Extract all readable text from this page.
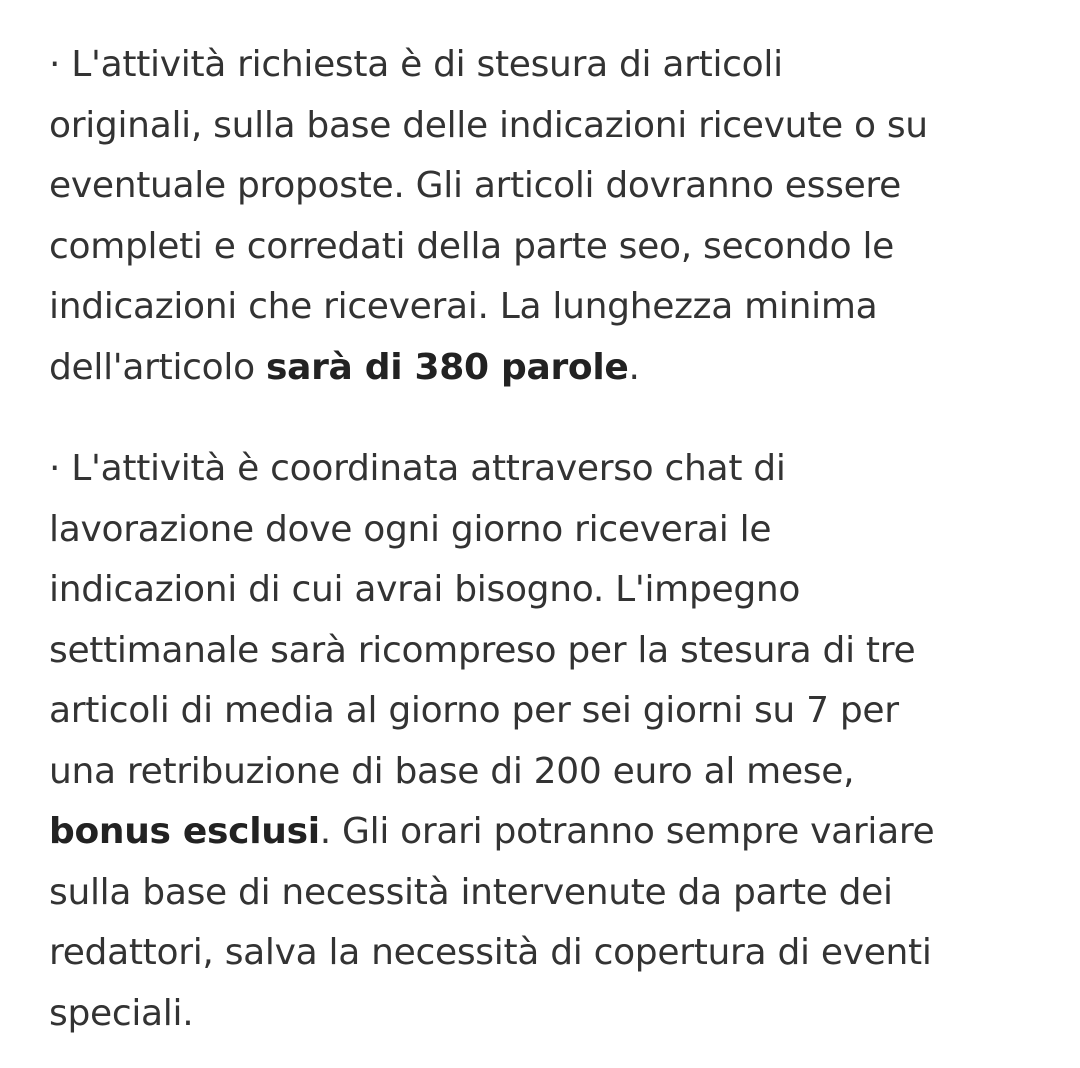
· L'attività richiesta è di stesura di articoli
originali, sulla base delle indicazioni ricevute o su
eventuale proposte. Gli articoli dovranno essere
completi e corredati della parte seo, secondo le
indicazioni che riceverai. La lunghezza minima
dell'articolo sarà di 380 parole.

· L'attività è coordinata attraverso chat di
lavorazione dove ogni giorno riceverai le
indicazioni di cui avrai bisogno. L'impegno
settimanale sarà ricompreso per la stesura di tre
articoli di media al giorno per sei giorni su 7 per
una retribuzione di base di 200 euro al mese,
bonus esclusi. Gli orari potranno sempre variare
sulla base di necessità intervenute da parte dei
redattori, salva la necessità di copertura di eventi
speciali.
